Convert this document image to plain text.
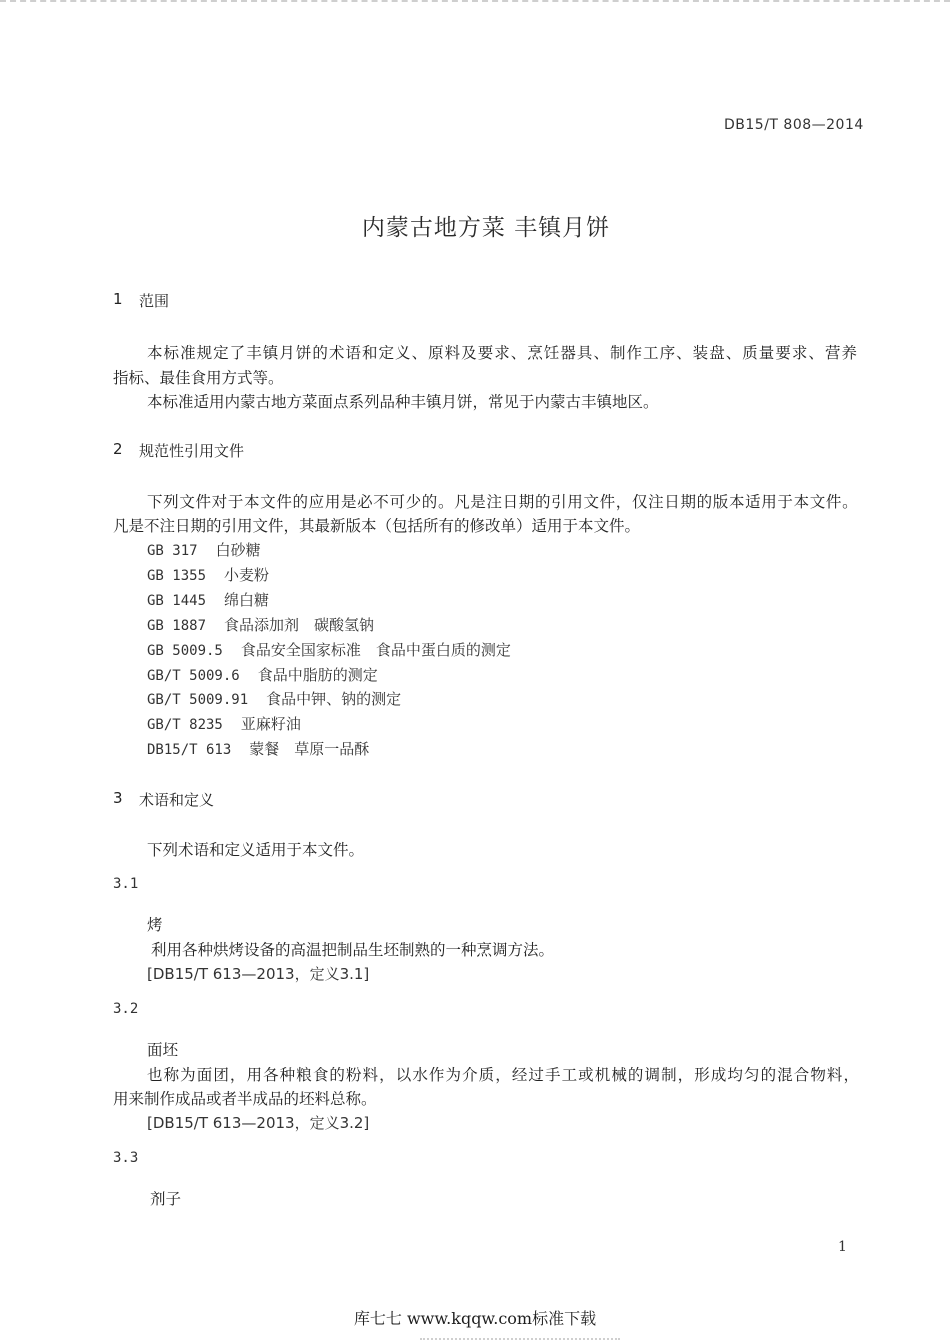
DB15/T 808—2014
内蒙古地方菜 丰镇月饼
1 范围
本标准规定了丰镇月饼的术语和定义、原料及要求、烹饪器具、制作工序、装盘、质量要求、营养
指标、最佳食用方式等。
本标准适用内蒙古地方菜面点系列品种丰镇月饼，常见于内蒙古丰镇地区。
2 规范性引用文件
下列文件对于本文件的应用是必不可少的。凡是注日期的引用文件，仅注日期的版本适用于本文件。
凡是不注日期的引用文件，其最新版本（包括所有的修改单）适用于本文件。
GB 317 白砂糖
GB 1355 小麦粉
GB 1445 绵白糖
GB 1887 食品添加剂　碳酸氢钠
GB 5009.5 食品安全国家标准　食品中蛋白质的测定
GB/T 5009.6 食品中脂肪的测定
GB/T 5009.91 食品中钾、钠的测定
GB/T 8235 亚麻籽油
DB15/T 613 蒙餐　草原一品酥
3 术语和定义
下列术语和定义适用于本文件。
3.1
烤
利用各种烘烤设备的高温把制品生坯制熟的一种烹调方法。
[DB15/T 613—2013，定义3.1]
3.2
面坯
也称为面团，用各种粮食的粉料，以水作为介质，经过手工或机械的调制，形成均匀的混合物料，
用来制作成品或者半成品的坯料总称。
[DB15/T 613—2013，定义3.2]
3.3
剂子
1
库七七 www.kqqw.com标准下载
